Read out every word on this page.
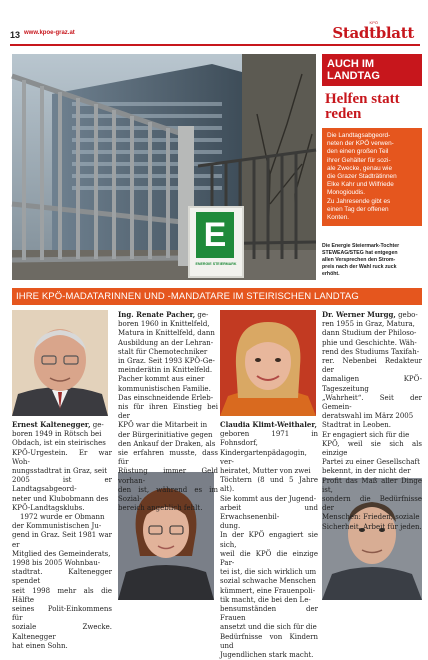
13 www.kpoe-graz.at
KPÖ
Stadtblatt
E
ENERGIE STEIERMARK
AUCH IM LANDTAG
Helfen statt reden
Die Landtagsabgeord-
neten der KPÖ verwen-
den einen großen Teil
ihrer Gehälter für sozi-
ale Zwecke, genau wie
die Grazer Stadträtinnen
Elke Kahr und Wilfriede
Monogioudis.
Zu Jahresende gibt es
einen Tag der offenen
Konten.
Die Energie Steiermark-Tochter
STEWEAG/STEG hat entgegen
allen Versprechen den Strom-
preis nach der Wahl ruck zuck
erhöht.
IHRE KPÖ-MADATARINNEN UND -MANDATARE IM STEIRISCHEN LANDTAG
Ernest Kaltenegger, ge-
boren 1949 in Rötsch bei
Obdach, ist ein steirisches
KPÖ-Urgestein. Er war Woh-
nungsstadtrat in Graz, seit
2005 ist er Landtagsabgeord-
neter und Klubobmann des
KPÖ-Landtagsklubs.
1972 wurde er Obmann
der Kommunistischen Ju-
gend in Graz. Seit 1981 war er
Mitglied des Gemeinderats,
1998 bis 2005 Wohnbau-
stadtrat. Kaltenegger spendet
seit 1998 mehr als die Hälfte
seines Polit-Einkommens für
soziale Zwecke. Kaltenegger
hat einen Sohn.
Ing. Renate Pacher, ge-
boren 1960 in Knittelfeld,
Matura in Knittelfeld, dann
Ausbildung an der Lehran-
stalt für Chemotechniker
in Graz. Seit 1993 KPÖ-Ge-
meinderätin in Knittelfeld.
Pacher kommt aus einer
kommunistischen Familie.
Das einschneidende Erleb-
nis für ihren Einstieg bei der
KPÖ war die Mitarbeit in
der Bürgerinitiative gegen
den Ankauf der Draken, als
sie erfahren musste, dass für
Rüstung immer Geld vorhan-
den ist, während es im Sozial-
bereich angeblich fehlt.
Claudia Klimt-Weithaler,
geboren 1971 in Fohnsdorf,
Kindergartenpädagogin, ver-
heiratet, Mutter von zwei
Töchtern (8 und 5 Jahre alt).
Sie kommt aus der Jugend-
arbeit und Erwachsenenbil-
dung.
In der KPÖ engagiert sie sich,
weil die KPÖ die einzige Par-
tei ist, die sich wirklich um
sozial schwache Menschen
kümmert, eine Frauenpoli-
tik macht, die bei den Le-
bensumständen der Frauen
ansetzt und die sich für die
Bedürfnisse von Kindern und
Jugendlichen stark macht.
Dr. Werner Murgg, gebo-
ren 1955 in Graz, Matura,
dann Studium der Philoso-
phie und Geschichte. Wäh-
rend des Studiums Taxifah-
rer. Nebenbei Redakteur der
damaligen KPÖ-Tageszeitung
„Wahrheit“. Seit der Gemein-
deratswahl im März 2005
Stadtrat in Leoben.
Er engagiert sich für die
KPÖ, weil sie sich als einzige
Partei zu einer Gesellschaft
bekennt, in der nicht der
Profit das Maß aller Dinge ist,
sondern die Bedürfnisse der
Menschen: Frieden, soziale
Sicherheit, Arbeit für jeden.
